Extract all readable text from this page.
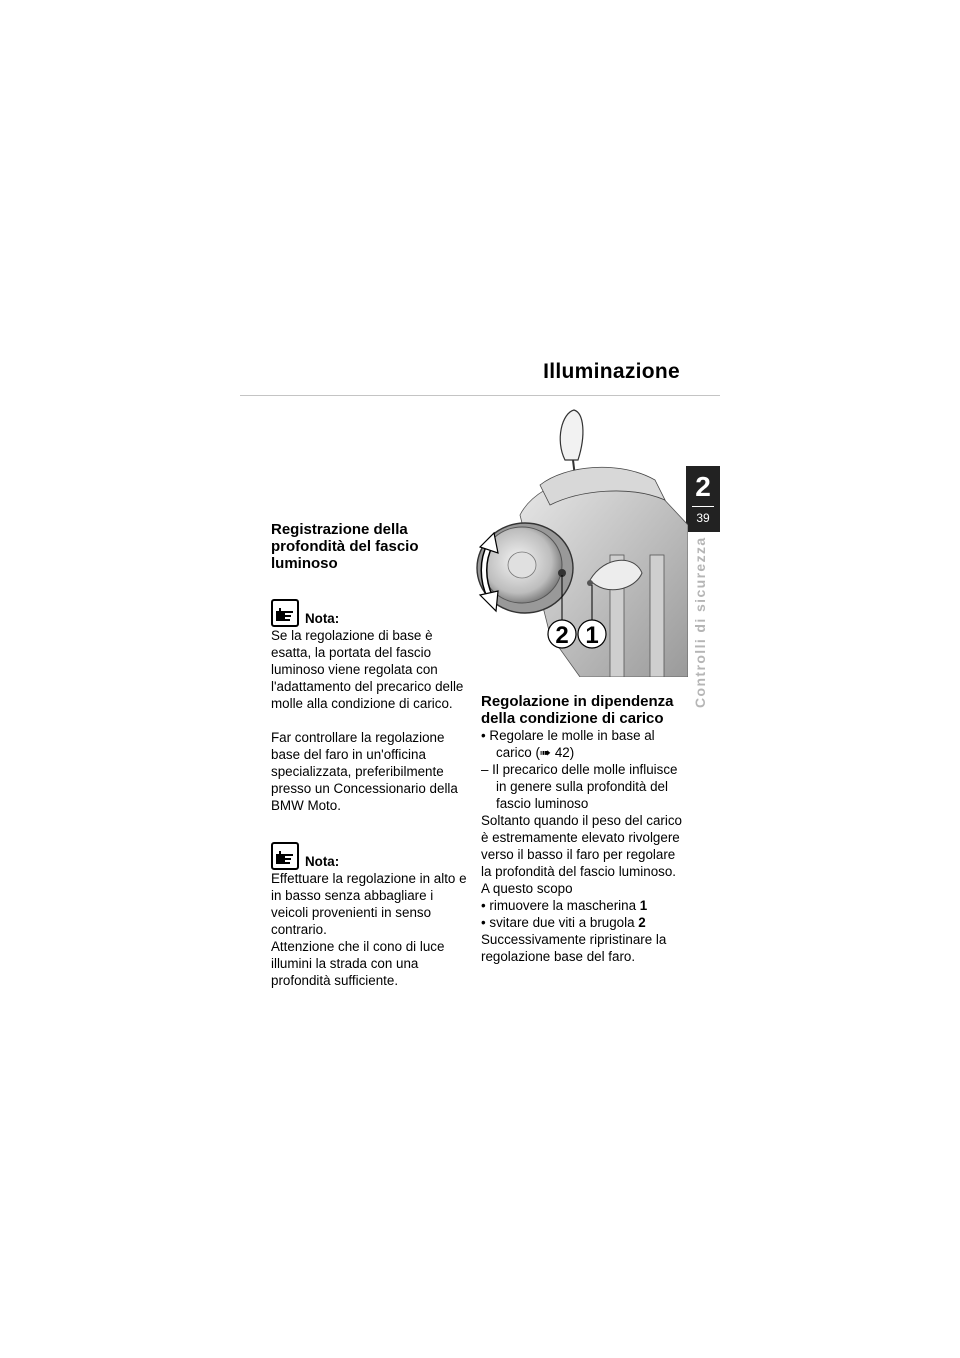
Illuminazione
2
39
Controlli di sicurezza
Registrazione della profondità del fascio luminoso
Nota:

Se la regolazione di base è esatta, la portata del fascio luminoso viene regolata con l'adattamento del precarico delle molle alla condizione di carico.

Far controllare la regolazione base del faro in un'officina specializzata, preferibilmente presso un Concessionario della BMW Moto.

Nota:

Effettuare la regolazione in alto e in basso senza abbagliare i veicoli provenienti in senso contrario.

Attenzione che il cono di luce illumini la strada con una profondità sufficiente.

2 1
Regolazione in dipendenza della condizione di carico

• Regolare le molle in base al carico (➠ 42)

– Il precarico delle molle influisce in genere sulla profondità del fascio luminoso

Soltanto quando il peso del carico è estremamente elevato rivolgere verso il basso il faro per regolare la profondità del fascio luminoso. A questo scopo

• rimuovere la mascherina 1

• svitare due viti a brugola 2

Successivamente ripristinare la regolazione base del faro.
